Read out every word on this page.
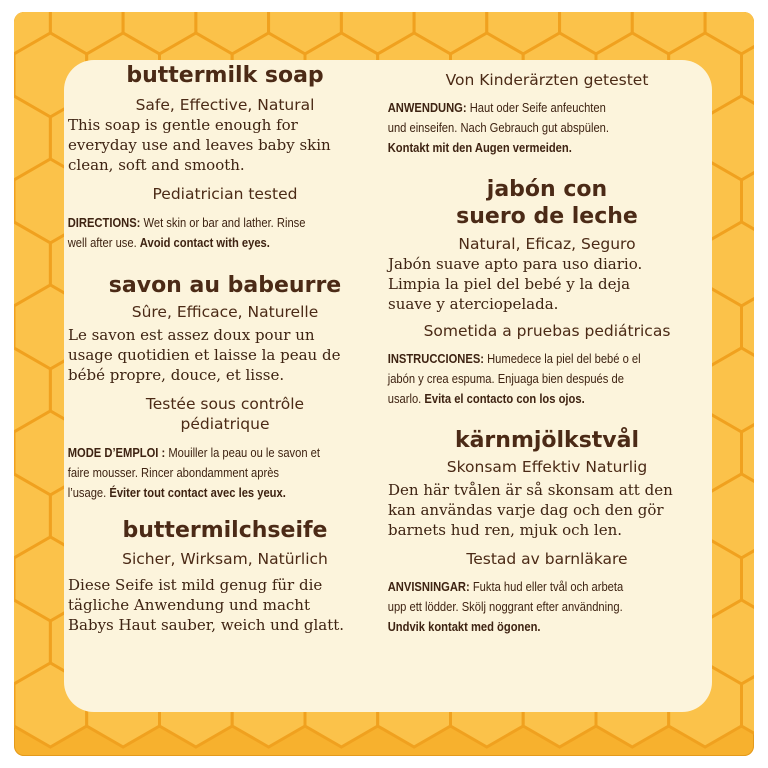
buttermilk soap

Safe, Effective, Natural

This soap is gentle enough for

everyday use and leaves baby skin

clean, soft and smooth.

Pediatrician tested

DIRECTIONS: Wet skin or bar and lather. Rinse

well after use. Avoid contact with eyes.

savon au babeurre

Sûre, Efficace, Naturelle

Le savon est assez doux pour un

usage quotidien et laisse la peau de

bébé propre, douce, et lisse.

Testée sous contrôle

pédiatrique

MODE D’EMPLOI : Mouiller la peau ou le savon et

faire mousser. Rincer abondamment après

l’usage. Éviter tout contact avec les yeux.

buttermilchseife

Sicher, Wirksam, Natürlich

Diese Seife ist mild genug für die

tägliche Anwendung und macht

Babys Haut sauber, weich und glatt.

Von Kinderärzten getestet

ANWENDUNG: Haut oder Seife anfeuchten

und einseifen. Nach Gebrauch gut abspülen.

Kontakt mit den Augen vermeiden.

jabón con
suero de leche

Natural, Eficaz, Seguro

Jabón suave apto para uso diario.

Limpia la piel del bebé y la deja

suave y aterciopelada.

Sometida a pruebas pediátricas

INSTRUCCIONES: Humedece la piel del bebé o el

jabón y crea espuma. Enjuaga bien después de

usarlo. Evita el contacto con los ojos.

kärnmjölkstvål

Skonsam Effektiv Naturlig

Den här tvålen är så skonsam att den

kan användas varje dag och den gör

barnets hud ren, mjuk och len.

Testad av barnläkare

ANVISNINGAR: Fukta hud eller tvål och arbeta

upp ett lödder. Skölj noggrant efter användning.

Undvik kontakt med ögonen.
